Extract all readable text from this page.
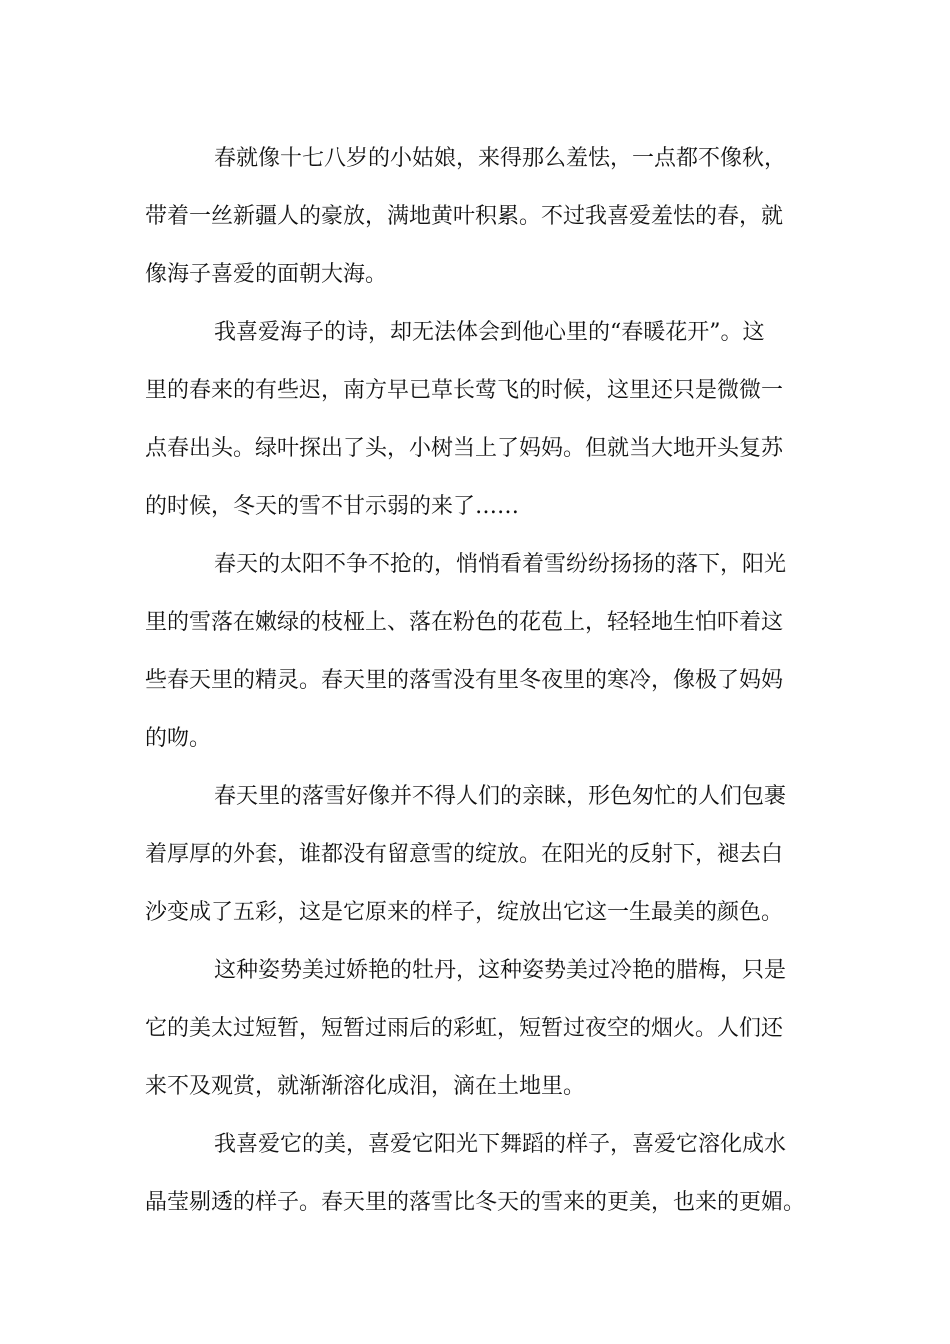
春就像十七八岁的小姑娘，来得那么羞怯，一点都不像秋，
带着一丝新疆人的豪放，满地黄叶积累。不过我喜爱羞怯的春，就
像海子喜爱的面朝大海。

我喜爱海子的诗，却无法体会到他心里的“春暖花开”。这
里的春来的有些迟，南方早已草长莺飞的时候，这里还只是微微一
点春出头。绿叶探出了头，小树当上了妈妈。但就当大地开头复苏
的时候，冬天的雪不甘示弱的来了……

春天的太阳不争不抢的，悄悄看着雪纷纷扬扬的落下，阳光
里的雪落在嫩绿的枝桠上、落在粉色的花苞上，轻轻地生怕吓着这
些春天里的精灵。春天里的落雪没有里冬夜里的寒冷，像极了妈妈
的吻。

春天里的落雪好像并不得人们的亲睐，形色匆忙的人们包裹
着厚厚的外套，谁都没有留意雪的绽放。在阳光的反射下，褪去白
沙变成了五彩，这是它原来的样子，绽放出它这一生最美的颜色。

这种姿势美过娇艳的牡丹，这种姿势美过冷艳的腊梅，只是
它的美太过短暂，短暂过雨后的彩虹，短暂过夜空的烟火。人们还
来不及观赏，就渐渐溶化成泪，滴在土地里。

我喜爱它的美，喜爱它阳光下舞蹈的样子，喜爱它溶化成水
晶莹剔透的样子。春天里的落雪比冬天的雪来的更美，也来的更媚。
